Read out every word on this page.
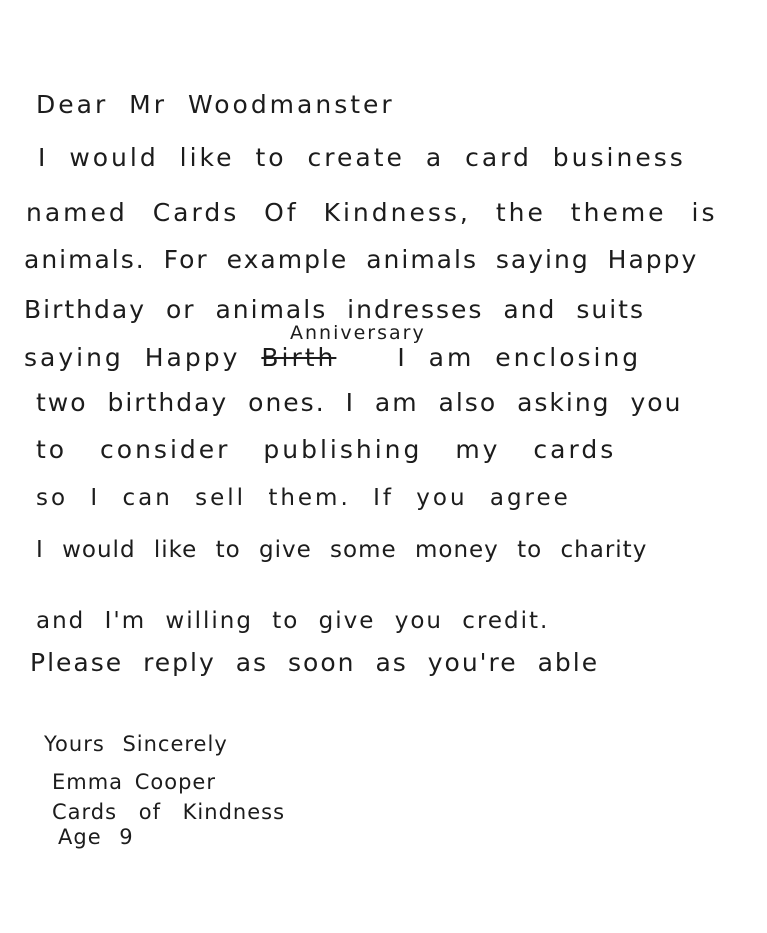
Dear Mr Woodmanster
I would like to create a card business
named Cards Of Kindness, the theme is
animals. For example animals saying Happy
Birthday or animals indresses and suits
saying Happy Birth I am enclosing
Anniversary
two birthday ones. I am also asking you
to consider publishing my cards
so I can sell them. If you agree
I would like to give some money to charity
and I'm willing to give you credit.
Please reply as soon as you're able
Yours Sincerely
Emma Cooper
Cards of Kindness
Age 9
